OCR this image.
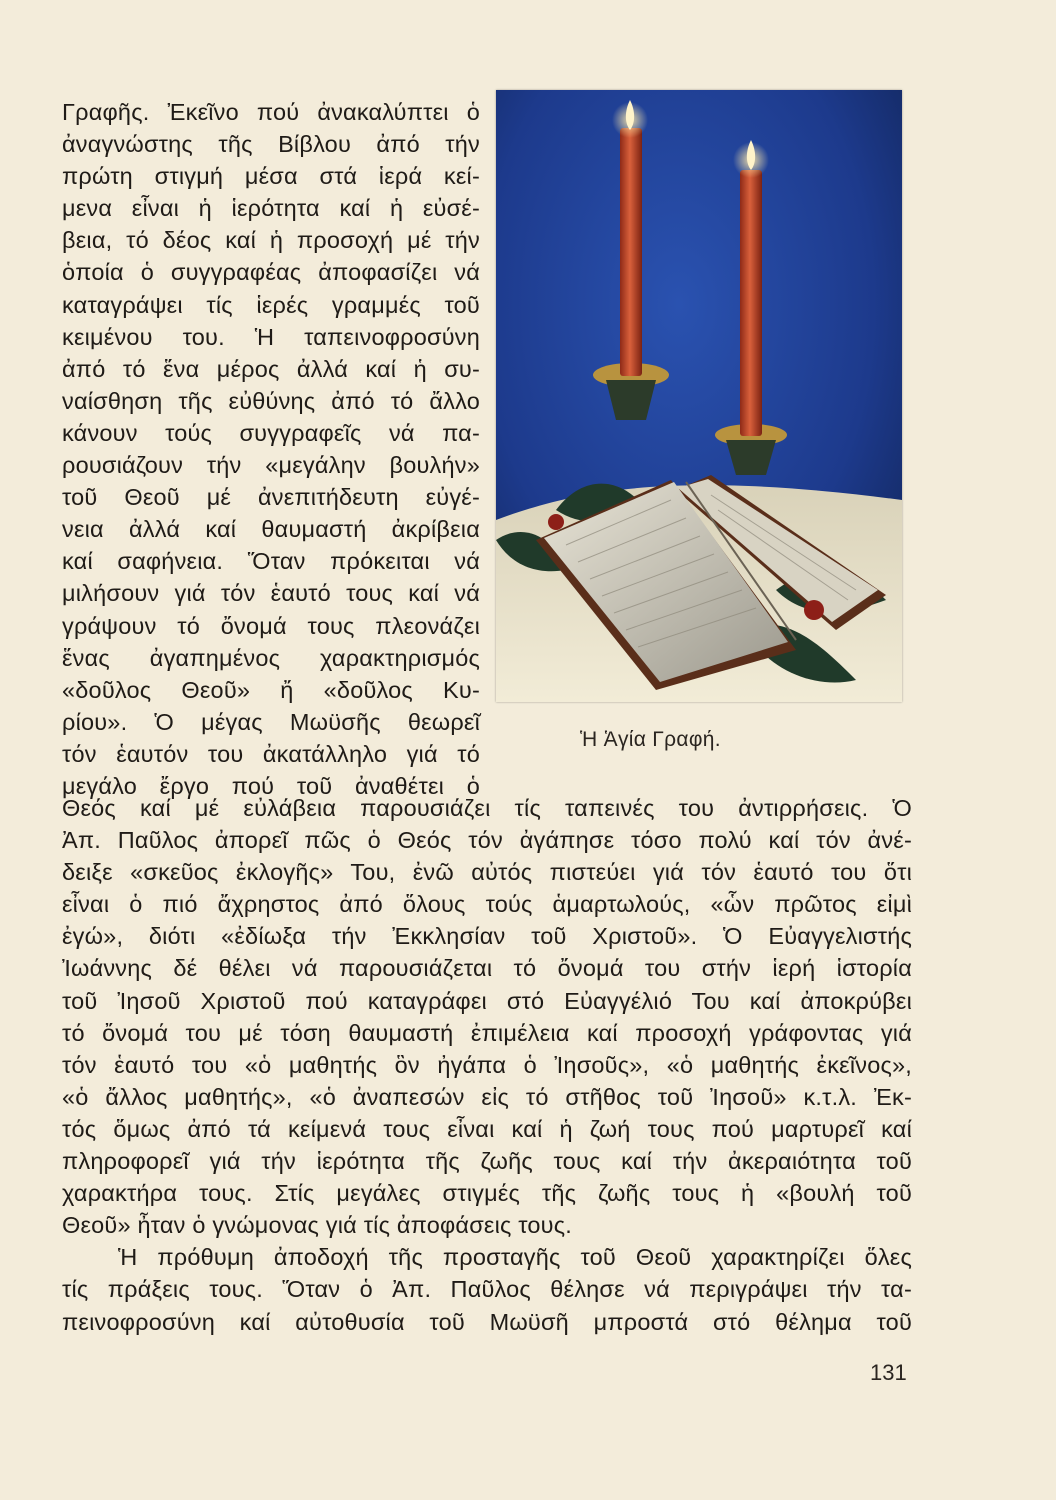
Ἡ Ἁγία Γραφή.
Γραφῆς. Ἐκεῖνο πού ἀνακαλύπτει ὁ
ἀναγνώστης τῆς Βίβλου ἀπό τήν
πρώτη στιγμή μέσα στά ἱερά κεί-
μενα εἶναι ἡ ἱερότητα καί ἡ εὐσέ-
βεια, τό δέος καί ἡ προσοχή μέ τήν
ὁποία ὁ συγγραφέας ἀποφασίζει νά
καταγράψει τίς ἱερές γραμμές τοῦ
κειμένου του. Ἡ ταπεινοφροσύνη
ἀπό τό ἕνα μέρος ἀλλά καί ἡ συ-
ναίσθηση τῆς εὐθύνης ἀπό τό ἄλλο
κάνουν τούς συγγραφεῖς νά πα-
ρουσιάζουν τήν «μεγάλην βουλήν»
τοῦ Θεοῦ μέ ἀνεπιτήδευτη εὐγέ-
νεια ἀλλά καί θαυμαστή ἀκρίβεια
καί σαφήνεια. Ὅταν πρόκειται νά
μιλήσουν γιά τόν ἑαυτό τους καί νά
γράψουν τό ὄνομά τους πλεονάζει
ἕνας ἀγαπημένος χαρακτηρισμός
«δοῦλος Θεοῦ» ἤ «δοῦλος Κυ-
ρίου». Ὁ μέγας Μωϋσῆς θεωρεῖ
τόν ἑαυτόν του ἀκατάλληλο γιά τό
μεγάλο ἔργο πού τοῦ ἀναθέτει ὁ
Θεός καί μέ εὐλάβεια παρουσιάζει τίς ταπεινές του ἀντιρρήσεις. Ὁ
Ἀπ. Παῦλος ἀπορεῖ πῶς ὁ Θεός τόν ἀγάπησε τόσο πολύ καί τόν ἀνέ-
δειξε «σκεῦος ἐκλογῆς» Του, ἐνῶ αὐτός πιστεύει γιά τόν ἑαυτό του ὅτι
εἶναι ὁ πιό ἄχρηστος ἀπό ὅλους τούς ἁμαρτωλούς, «ὧν πρῶτος εἰμὶ
ἐγώ», διότι «ἐδίωξα τήν Ἐκκλησίαν τοῦ Χριστοῦ». Ὁ Εὐαγγελιστής
Ἰωάννης δέ θέλει νά παρουσιάζεται τό ὄνομά του στήν ἱερή ἱστορία
τοῦ Ἰησοῦ Χριστοῦ πού καταγράφει στό Εὐαγγέλιό Του καί ἀποκρύβει
τό ὄνομά του μέ τόση θαυμαστή ἐπιμέλεια καί προσοχή γράφοντας γιά
τόν ἑαυτό του «ὁ μαθητής ὃν ἠγάπα ὁ Ἰησοῦς», «ὁ μαθητής ἐκεῖνος»,
«ὁ ἄλλος μαθητής», «ὁ ἀναπεσών εἰς τό στῆθος τοῦ Ἰησοῦ» κ.τ.λ. Ἐκ-
τός ὅμως ἀπό τά κείμενά τους εἶναι καί ἡ ζωή τους πού μαρτυρεῖ καί
πληροφορεῖ γιά τήν ἱερότητα τῆς ζωῆς τους καί τήν ἀκεραιότητα τοῦ
χαρακτήρα τους. Στίς μεγάλες στιγμές τῆς ζωῆς τους ἡ «βουλή τοῦ
Θεοῦ» ἦταν ὁ γνώμονας γιά τίς ἀποφάσεις τους.
Ἡ πρόθυμη ἀποδοχή τῆς προσταγῆς τοῦ Θεοῦ χαρακτηρίζει ὅλες
τίς πράξεις τους. Ὅταν ὁ Ἀπ. Παῦλος θέλησε νά περιγράψει τήν τα-
πεινοφροσύνη καί αὐτοθυσία τοῦ Μωϋσῆ μπροστά στό θέλημα τοῦ
131
